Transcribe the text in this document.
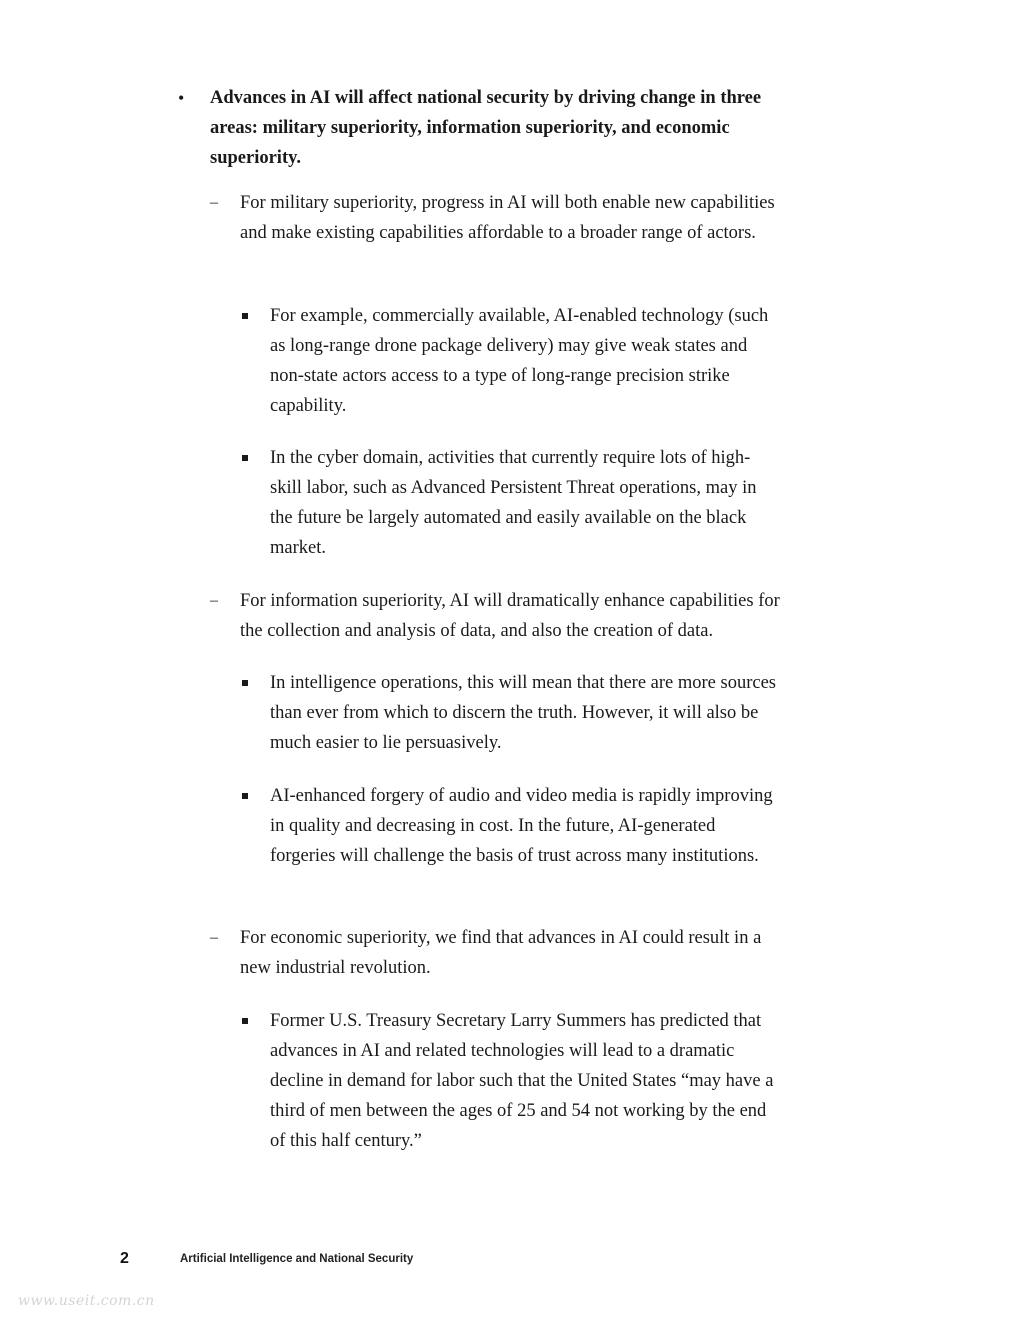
• Advances in AI will affect national security by driving change in three areas: military superiority, information superiority, and economic superiority.
– For military superiority, progress in AI will both enable new capabilities and make existing capabilities affordable to a broader range of actors.
For example, commercially available, AI-enabled technology (such as long-range drone package delivery) may give weak states and non-state actors access to a type of long-range precision strike capability.
In the cyber domain, activities that currently require lots of high-skill labor, such as Advanced Persistent Threat operations, may in the future be largely automated and easily available on the black market.
– For information superiority, AI will dramatically enhance capabilities for the collection and analysis of data, and also the creation of data.
In intelligence operations, this will mean that there are more sources than ever from which to discern the truth. However, it will also be much easier to lie persuasively.
AI-enhanced forgery of audio and video media is rapidly improving in quality and decreasing in cost. In the future, AI-generated forgeries will challenge the basis of trust across many institutions.
– For economic superiority, we find that advances in AI could result in a new industrial revolution.
Former U.S. Treasury Secretary Larry Summers has predicted that advances in AI and related technologies will lead to a dramatic decline in demand for labor such that the United States “may have a third of men between the ages of 25 and 54 not working by the end of this half century.”
2	Artificial Intelligence and National Security
www.useit.com.cn
